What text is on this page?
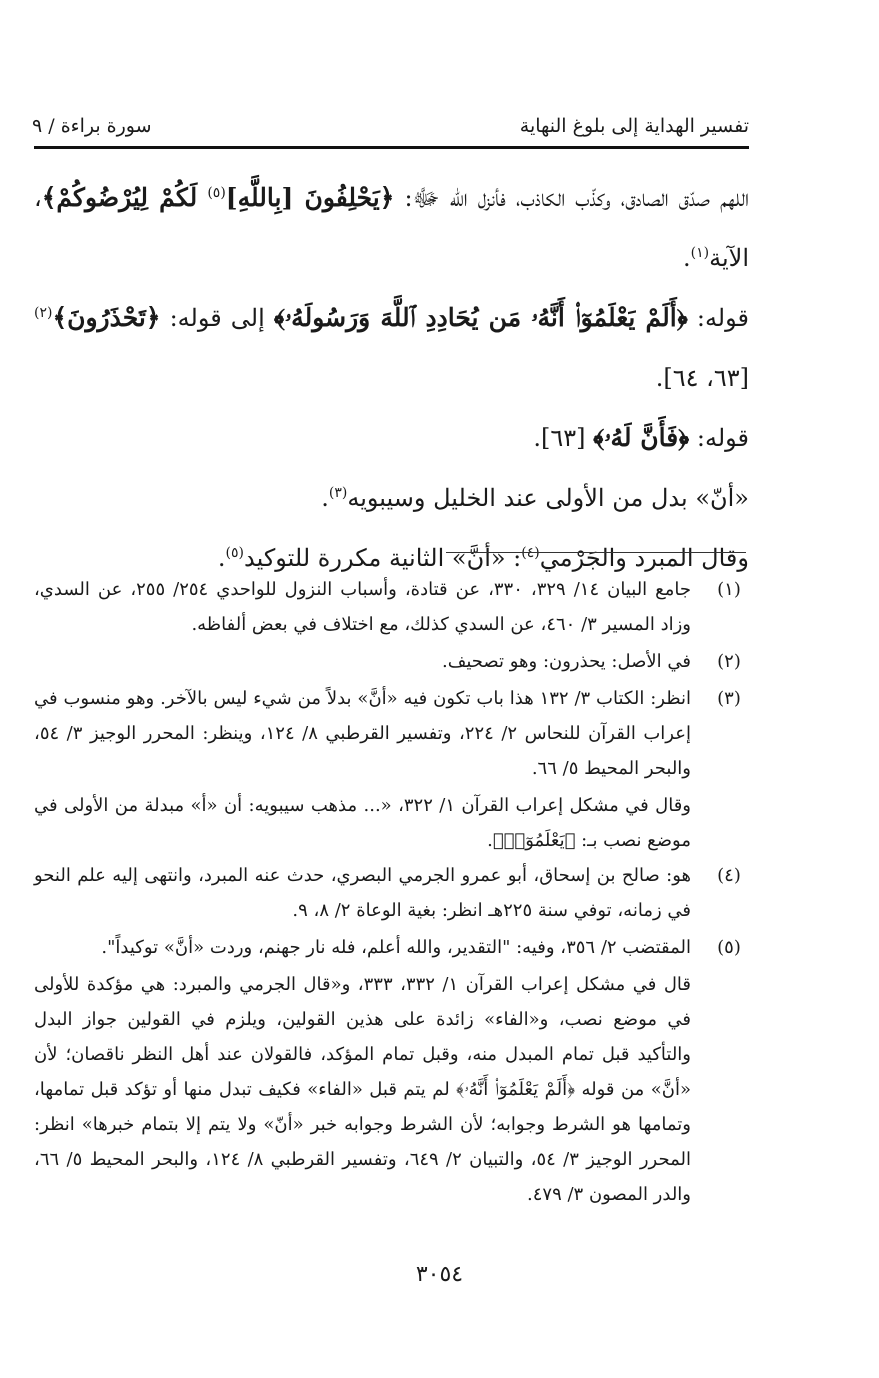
تفسير الهداية إلى بلوغ النهاية
سورة براءة / ٩

اللهم صدّق الصادق، وكذّب الكاذب، فأنزل الله ﷻ: ﴿يَحْلِفُونَ [بِاللَّهِ]$^{(٥)}$ لَكُمْ لِيُرْضُوكُمْ﴾، الآية$^{(١)}$.

قوله: ﴿أَلَمْ يَعْلَمُوٓا۟ أَنَّهُۥ مَن يُحَادِدِ ٱللَّهَ وَرَسُولَهُۥ﴾ إلى قوله: ﴿تَحْذَرُونَ﴾$^{(٢)}$[٦٣، ٦٤].

قوله: ﴿فَأَنَّ لَهُۥ﴾ [٦٣].

«أنّ» بدل من الأولى عند الخليل وسيبويه$^{(٣)}$.

وقال المبرد والجَرْمي$^{(٤)}$: «أنَّ» الثانية مكررة للتوكيد$^{(٥)}$.

(١)
جامع البيان ١٤/ ٣٢٩، ٣٣٠، عن قتادة، وأسباب النزول للواحدي ٢٥٤/ ٢٥٥، عن السدي، وزاد المسير ٣/ ٤٦٠، عن السدي كذلك، مع اختلاف في بعض ألفاظه.
(٢)
في الأصل: يحذرون: وهو تصحيف.
(٣)
انظر: الكتاب ٣/ ١٣٢ هذا باب تكون فيه «أنَّ» بدلاً من شيء ليس بالآخر. وهو منسوب في إعراب القرآن للنحاس ٢/ ٢٢٤، وتفسير القرطبي ٨/ ١٢٤، وينظر: المحرر الوجيز ٣/ ٥٤، والبحر المحيط ٥/ ٦٦.

وقال في مشكل إعراب القرآن ١/ ٣٢٢، «... مذهب سيبويه: أن «أ» مبدلة من الأولى في موضع نصب بـ: ﴿يَعْلَمُوٓا۟﴾.

(٤)
هو: صالح بن إسحاق، أبو عمرو الجرمي البصري، حدث عنه المبرد، وانتهى إليه علم النحو في زمانه، توفي سنة ٢٢٥هـ انظر: بغية الوعاة ٢/ ٨، ٩.
(٥)
المقتضب ٢/ ٣٥٦، وفيه: "التقدير، والله أعلم، فله نار جهنم، وردت «أنَّ» توكيداً".

قال في مشكل إعراب القرآن ١/ ٣٣٢، ٣٣٣، و«قال الجرمي والمبرد: هي مؤكدة للأولى في موضع نصب، و«الفاء» زائدة على هذين القولين، ويلزم في القولين جواز البدل والتأكيد قبل تمام المبدل منه، وقبل تمام المؤكد، فالقولان عند أهل النظر ناقصان؛ لأن «أنَّ» من قوله ﴿أَلَمْ يَعْلَمُوٓا۟ أَنَّهُۥ﴾ لم يتم قبل «الفاء» فكيف تبدل منها أو تؤكد قبل تمامها، وتمامها هو الشرط وجوابه؛ لأن الشرط وجوابه خبر «أنّ» ولا يتم إلا بتمام خبرها» انظر: المحرر الوجيز ٣/ ٥٤، والتبيان ٢/ ٦٤٩، وتفسير القرطبي ٨/ ١٢٤، والبحر المحيط ٥/ ٦٦، والدر المصون ٣/ ٤٧٩.

٣٠٥٤
